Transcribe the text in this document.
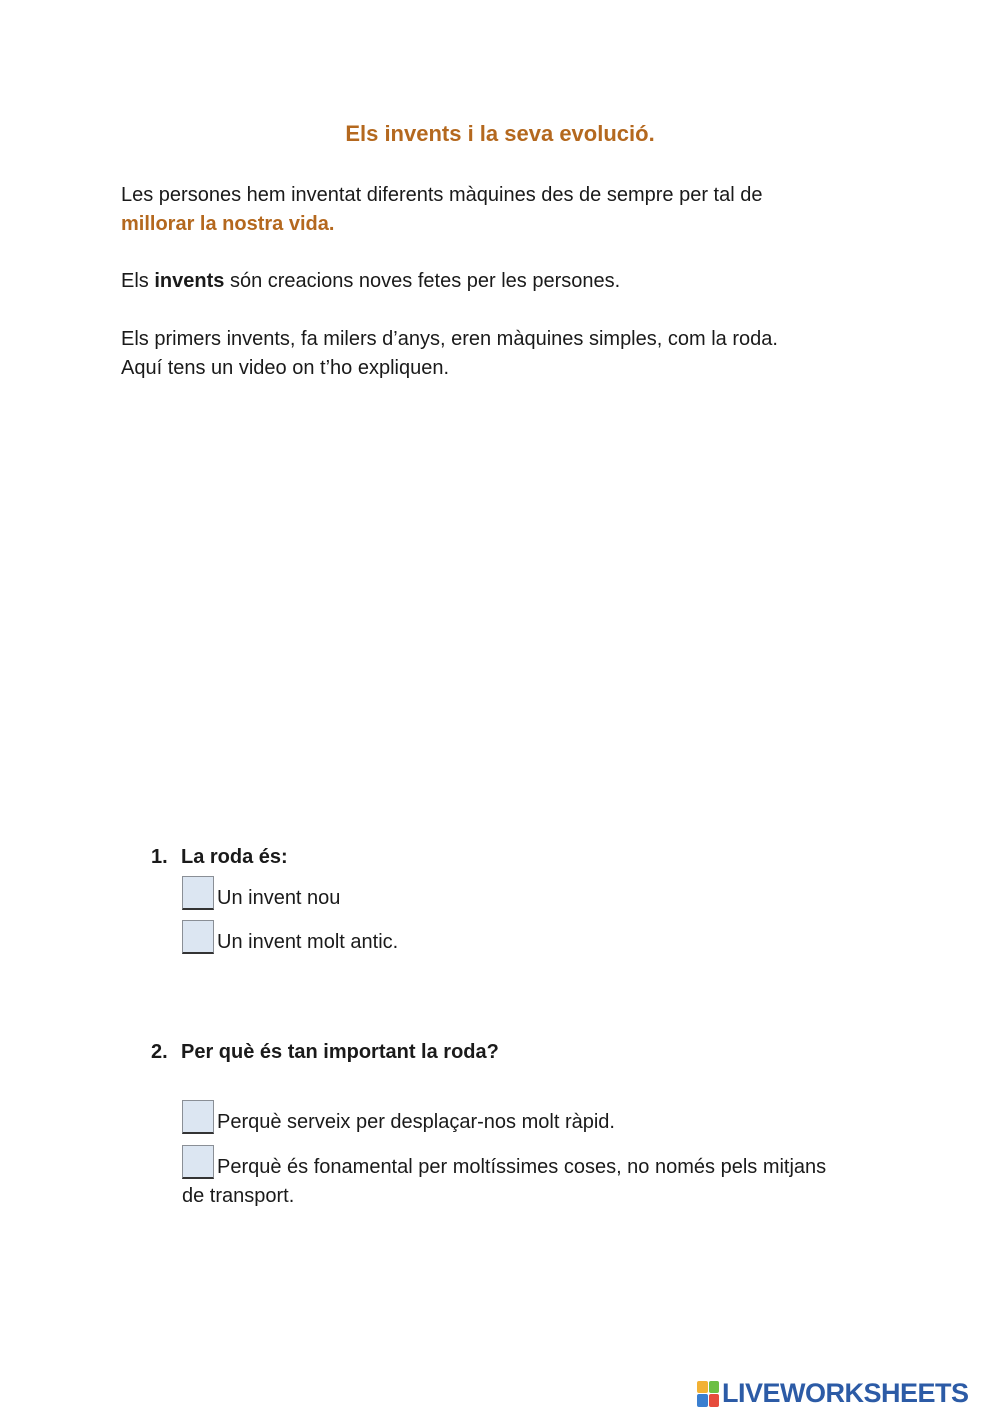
Els invents i la seva evolució.
Les persones hem inventat diferents màquines des de sempre per tal de
millorar la nostra vida.
Els invents són creacions noves fetes per les persones.
Els primers invents, fa milers d’anys, eren màquines simples, com la roda.
Aquí tens un video on t’ho expliquen.
1. La roda és:
Un invent nou
Un invent molt antic.
2. Per què és tan important la roda?
Perquè serveix per desplaçar-nos molt ràpid.
Perquè és fonamental per moltíssimes coses, no només pels mitjans de transport.
LIVEWORKSHEETS
